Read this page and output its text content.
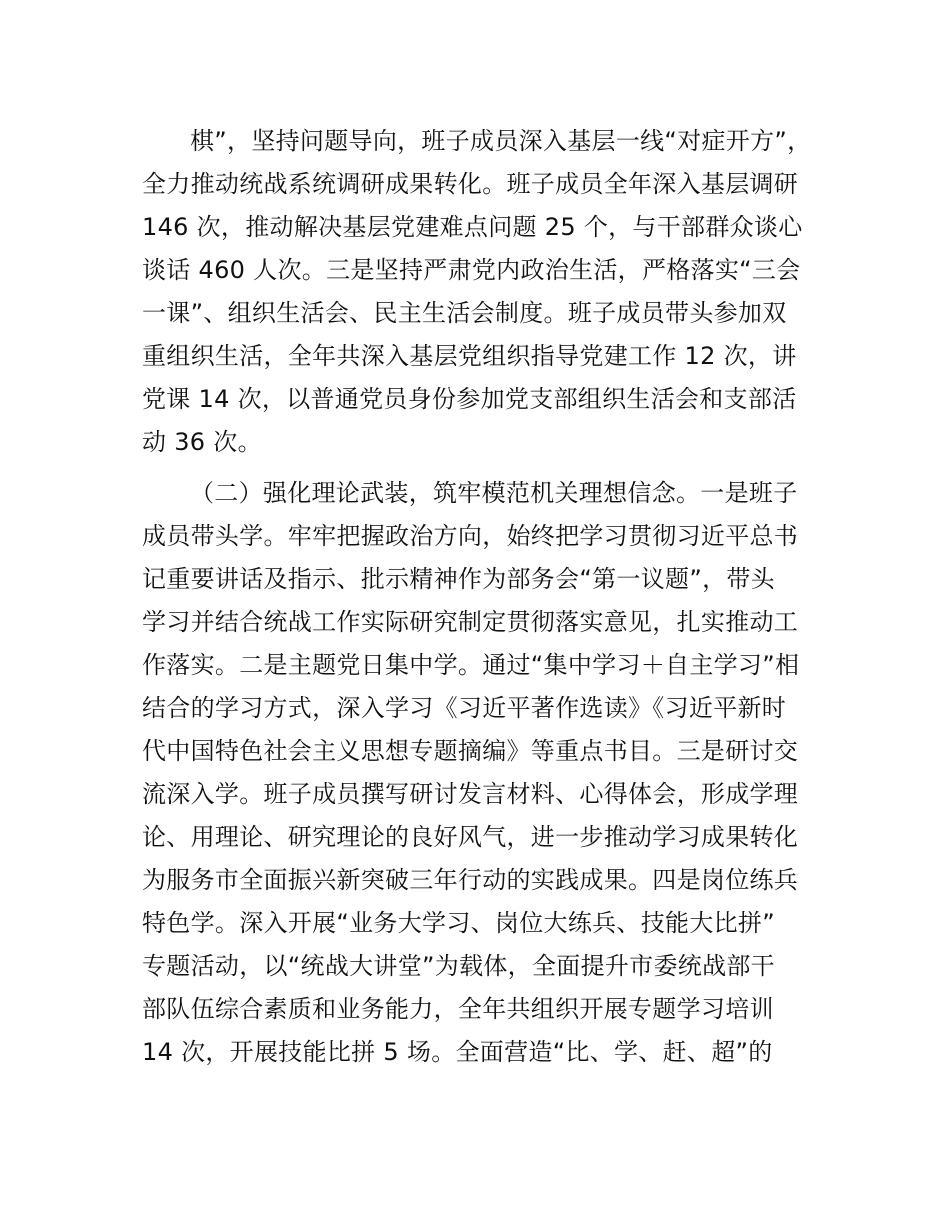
棋”，坚持问题导向，班子成员深入基层一线“对症开方”，
全力推动统战系统调研成果转化。班子成员全年深入基层调研
146 次，推动解决基层党建难点问题 25 个，与干部群众谈心
谈话 460 人次。三是坚持严肃党内政治生活，严格落实“三会
一课”、组织生活会、民主生活会制度。班子成员带头参加双
重组织生活，全年共深入基层党组织指导党建工作 12 次，讲
党课 14 次，以普通党员身份参加党支部组织生活会和支部活
动 36 次。
（二）强化理论武装，筑牢模范机关理想信念。一是班子
成员带头学。牢牢把握政治方向，始终把学习贯彻习近平总书
记重要讲话及指示、批示精神作为部务会“第一议题”，带头
学习并结合统战工作实际研究制定贯彻落实意见，扎实推动工
作落实。二是主题党日集中学。通过“集中学习＋自主学习”相
结合的学习方式，深入学习《习近平著作选读》《习近平新时
代中国特色社会主义思想专题摘编》等重点书目。三是研讨交
流深入学。班子成员撰写研讨发言材料、心得体会，形成学理
论、用理论、研究理论的良好风气，进一步推动学习成果转化
为服务市全面振兴新突破三年行动的实践成果。四是岗位练兵
特色学。深入开展“业务大学习、岗位大练兵、技能大比拼”
专题活动，以“统战大讲堂”为载体，全面提升市委统战部干
部队伍综合素质和业务能力，全年共组织开展专题学习培训
14 次，开展技能比拼 5 场。全面营造“比、学、赶、超”的
